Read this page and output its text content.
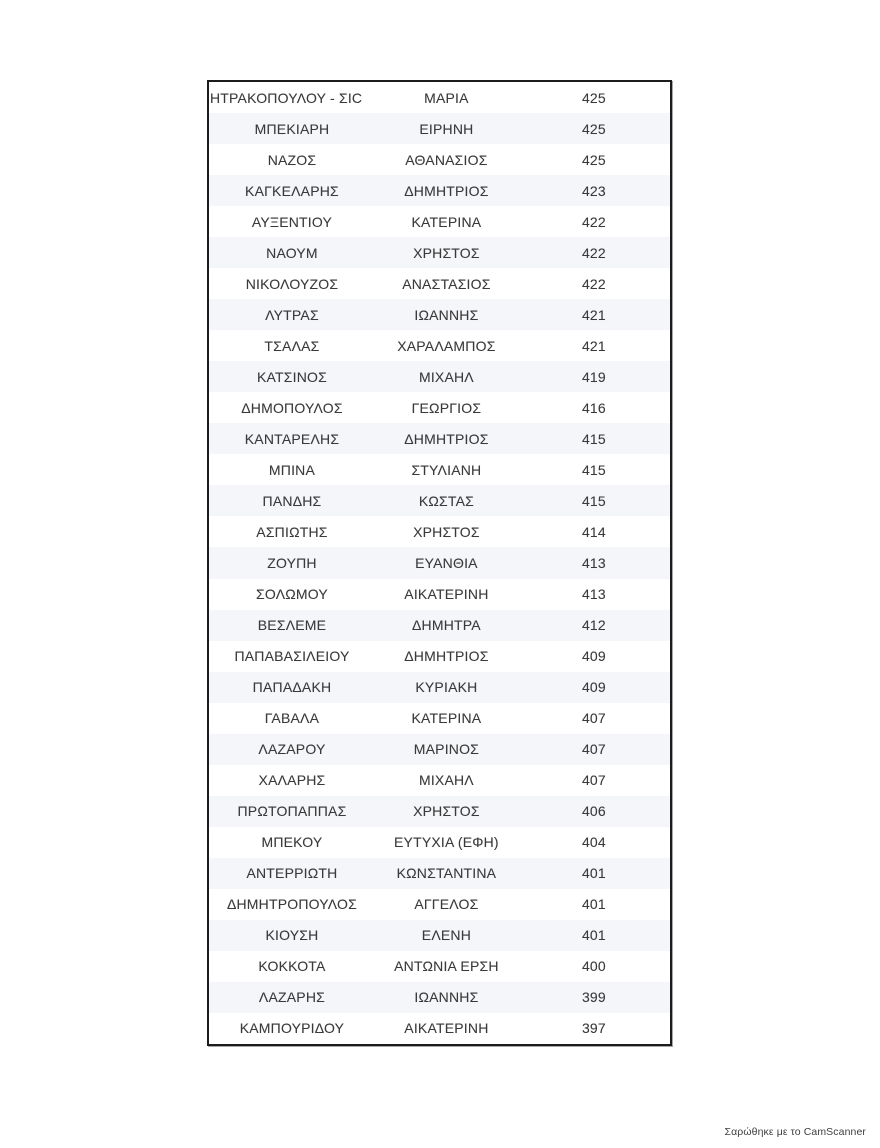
ΗΤΡΑΚΟΠΟΥΛΟΥ - ΣΙC	ΜΑΡΙΑ	425
ΜΠΕΚΙΑΡΗ	ΕΙΡΗΝΗ	425
ΝΑΖΟΣ	ΑΘΑΝΑΣΙΟΣ	425
ΚΑΓΚΕΛΑΡΗΣ	ΔΗΜΗΤΡΙΟΣ	423
ΑΥΞΕΝΤΙΟΥ	ΚΑΤΕΡΙΝΑ	422
ΝΑΟΥΜ	ΧΡΗΣΤΟΣ	422
ΝΙΚΟΛΟΥΖΟΣ	ΑΝΑΣΤΑΣΙΟΣ	422
ΛΥΤΡΑΣ	ΙΩΑΝΝΗΣ	421
ΤΣΑΛΑΣ	ΧΑΡΑΛΑΜΠΟΣ	421
ΚΑΤΣΙΝΟΣ	ΜΙΧΑΗΛ	419
ΔΗΜΟΠΟΥΛΟΣ	ΓΕΩΡΓΙΟΣ	416
ΚΑΝΤΑΡΕΛΗΣ	ΔΗΜΗΤΡΙΟΣ	415
ΜΠΙΝΑ	ΣΤΥΛΙΑΝΗ	415
ΠΑΝΔΗΣ	ΚΩΣΤΑΣ	415
ΑΣΠΙΩΤΗΣ	ΧΡΗΣΤΟΣ	414
ΖΟΥΠΗ	ΕΥΑΝΘΙΑ	413
ΣΟΛΩΜΟΥ	ΑΙΚΑΤΕΡΙΝΗ	413
ΒΕΣΛΕΜΕ	ΔΗΜΗΤΡΑ	412
ΠΑΠΑΒΑΣΙΛΕΙΟΥ	ΔΗΜΗΤΡΙΟΣ	409
ΠΑΠΑΔΑΚΗ	ΚΥΡΙΑΚΗ	409
ΓΑΒΑΛΑ	ΚΑΤΕΡΙΝΑ	407
ΛΑΖΑΡΟΥ	ΜΑΡΙΝΟΣ	407
ΧΑΛΑΡΗΣ	ΜΙΧΑΗΛ	407
ΠΡΩΤΟΠΑΠΠΑΣ	ΧΡΗΣΤΟΣ	406
ΜΠΕΚΟΥ	ΕΥΤΥΧΙΑ (ΕΦΗ)	404
ΑΝΤΕΡΡΙΩΤΗ	ΚΩΝΣΤΑΝΤΙΝΑ	401
ΔΗΜΗΤΡΟΠΟΥΛΟΣ	ΑΓΓΕΛΟΣ	401
ΚΙΟΥΣΗ	ΕΛΕΝΗ	401
ΚΟΚΚΟΤΑ	ΑΝΤΩΝΙΑ ΕΡΣΗ	400
ΛΑΖΑΡΗΣ	ΙΩΑΝΝΗΣ	399
ΚΑΜΠΟΥΡΙΔΟΥ	ΑΙΚΑΤΕΡΙΝΗ	397
Σαρώθηκε με το CamScanner
